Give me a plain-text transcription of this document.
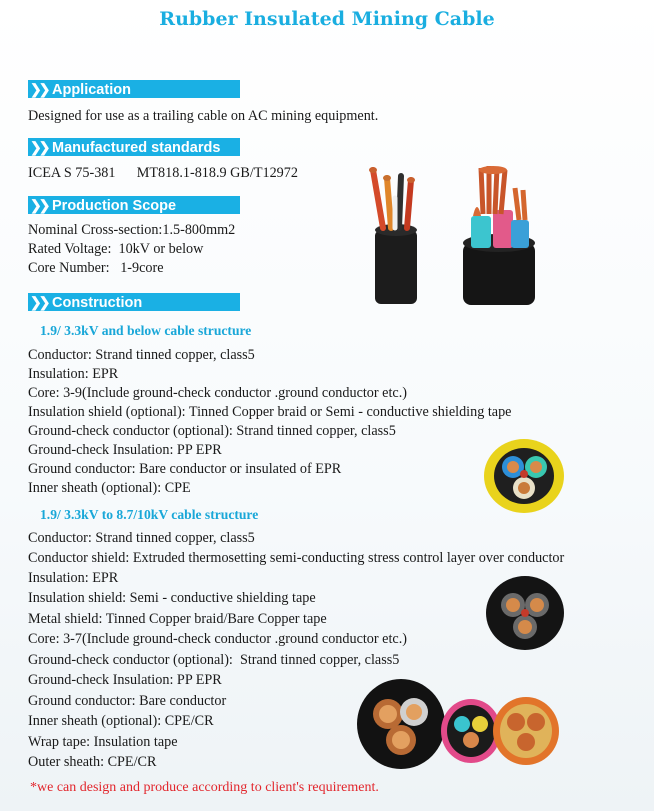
Rubber Insulated Mining Cable
❯❯ Application
Designed for use as a trailing cable on AC mining equipment.
❯❯ Manufactured standards
ICEA S 75-381      MT818.1-818.9 GB/T12972
❯❯ Production Scope
Nominal Cross-section:1.5-800mm2
Rated Voltage:  10kV or below
Core Number:   1-9core
❯❯ Construction
1.9/ 3.3kV and below cable structure
Conductor: Strand tinned copper, class5
Insulation: EPR
Core: 3-9(Include ground-check conductor .ground conductor etc.)
Insulation shield (optional): Tinned Copper braid or Semi - conductive shielding tape
Ground-check conductor (optional): Strand tinned copper, class5
Ground-check Insulation: PP EPR
Ground conductor: Bare conductor or insulated of EPR
Inner sheath (optional): CPE
1.9/ 3.3kV to 8.7/10kV cable structure
Conductor: Strand tinned copper, class5
Conductor shield: Extruded thermosetting semi-conducting stress control layer over conductor
Insulation: EPR
Insulation shield: Semi - conductive shielding tape
Metal shield: Tinned Copper braid/Bare Copper tape
Core: 3-7(Include ground-check conductor .ground conductor etc.)
Ground-check conductor (optional):  Strand tinned copper, class5
Ground-check Insulation: PP EPR
Ground conductor: Bare conductor
Inner sheath (optional): CPE/CR
Wrap tape: Insulation tape
Outer sheath: CPE/CR
*we can design and produce according to client's requirement.
